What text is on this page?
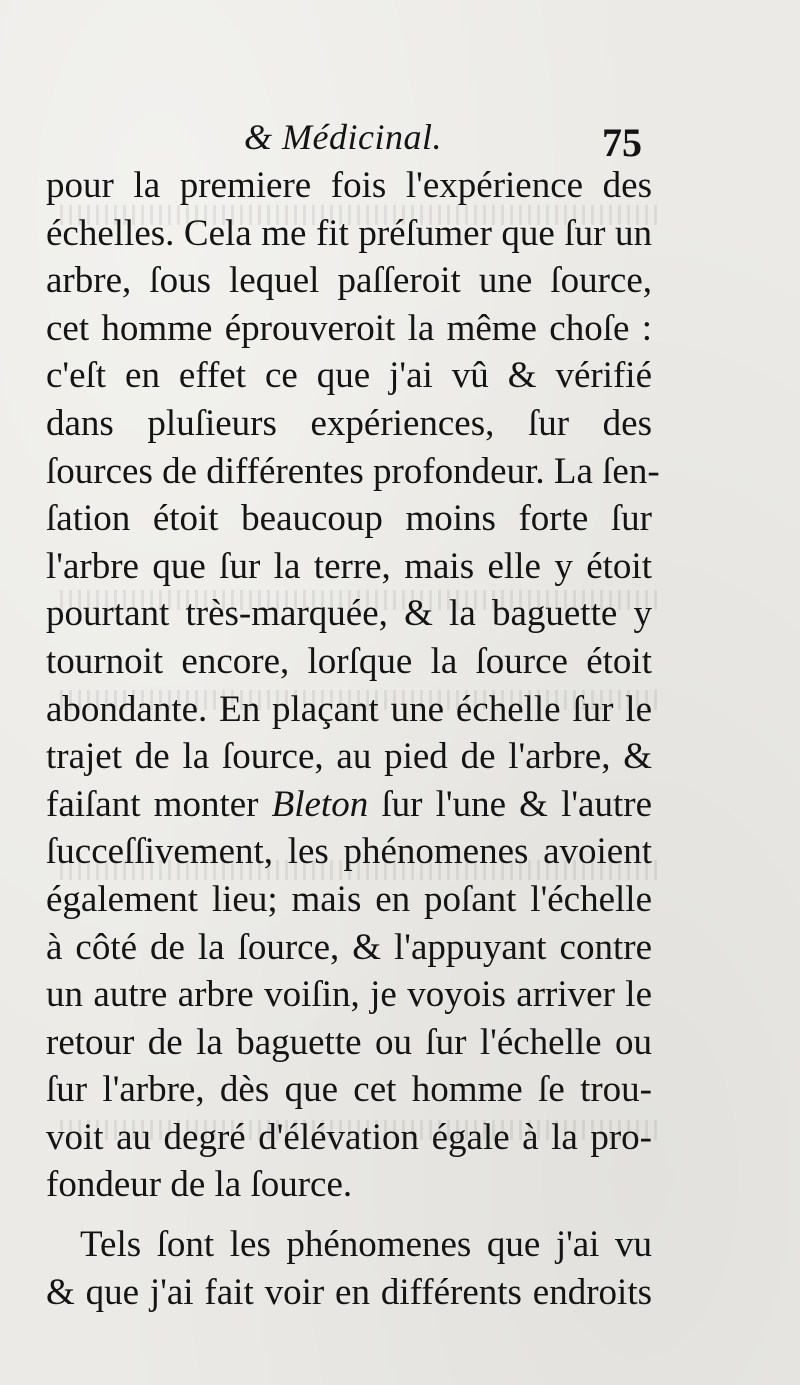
& Médicinal.	75
pour la premiere fois l'expérience des
échelles. Cela me fit préſumer que ſur un
arbre, ſous lequel paſſeroit une ſource,
cet homme éprouveroit la même choſe :
c'eſt en effet ce que j'ai vû & vérifié
dans pluſieurs expériences, ſur des
ſources de différentes profondeur. La ſen-
ſation étoit beaucoup moins forte ſur
l'arbre que ſur la terre, mais elle y étoit
pourtant très-marquée, & la baguette y
tournoit encore, lorſque la ſource étoit
abondante. En plaçant une échelle ſur le
trajet de la ſource, au pied de l'arbre, &
faiſant monter Bleton ſur l'une & l'autre
ſucceſſivement, les phénomenes avoient
également lieu; mais en poſant l'échelle
à côté de la ſource, & l'appuyant contre
un autre arbre voiſin, je voyois arriver le
retour de la baguette ou ſur l'échelle ou
ſur l'arbre, dès que cet homme ſe trou-
voit au degré d'élévation égale à la pro-
fondeur de la ſource.
Tels ſont les phénomenes que j'ai vu
& que j'ai fait voir en différents endroits
